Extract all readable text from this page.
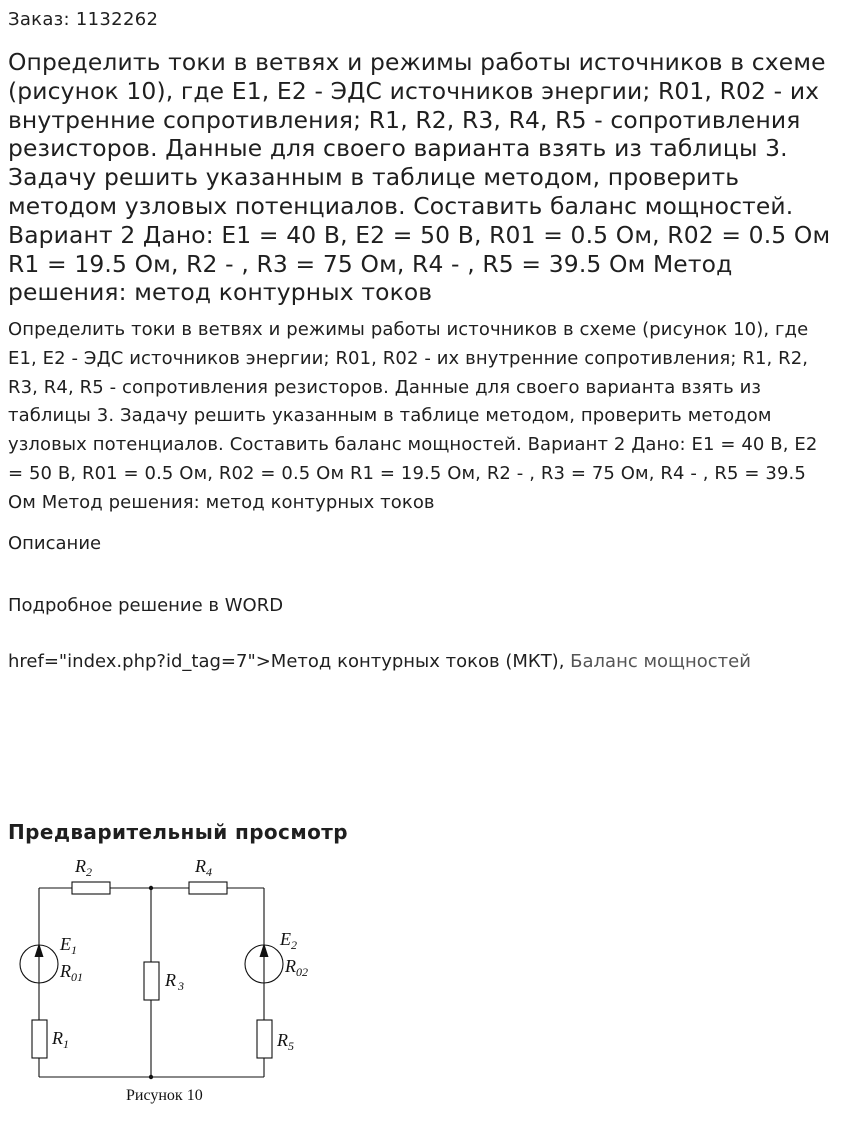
Заказ: 1132262
Определить токи в ветвях и режимы работы источников в схеме (рисунок 10), где E1, E2 - ЭДС источников энергии; R01, R02 - их внутренние сопротивления; R1, R2, R3, R4, R5 - сопротивления резисторов. Данные для своего варианта взять из таблицы 3. Задачу решить указанным в таблице методом, проверить методом узловых потенциалов. Составить баланс мощностей. Вариант 2 Дано: E1 = 40 В, E2 = 50 В, R01 = 0.5 Ом, R02 = 0.5 Ом R1 = 19.5 Ом, R2 - , R3 = 75 Ом, R4 - , R5 = 39.5 Ом Метод решения: метод контурных токов

Определить токи в ветвях и режимы работы источников в схеме (рисунок 10), где E1, E2 - ЭДС источников энергии; R01, R02 - их внутренние сопротивления; R1, R2, R3, R4, R5 - сопротивления резисторов. Данные для своего варианта взять из таблицы 3. Задачу решить указанным в таблице методом, проверить методом узловых потенциалов. Составить баланс мощностей. Вариант 2 Дано: E1 = 40 В, E2 = 50 В, R01 = 0.5 Ом, R02 = 0.5 Ом R1 = 19.5 Ом, R2 - , R3 = 75 Ом, R4 - , R5 = 39.5 Ом Метод решения: метод контурных токов

Описание
Подробное решение в WORD
href="index.php?id_tag=7">Метод контурных токов (МКТ), Баланс мощностей
Предварительный просмотр
$R_2$	$R_4$
$E_1$
$R_{01}$	R $_3$
$E_2$
$R_{02}$
$R_1$	$R_5$
Рисунок 10
